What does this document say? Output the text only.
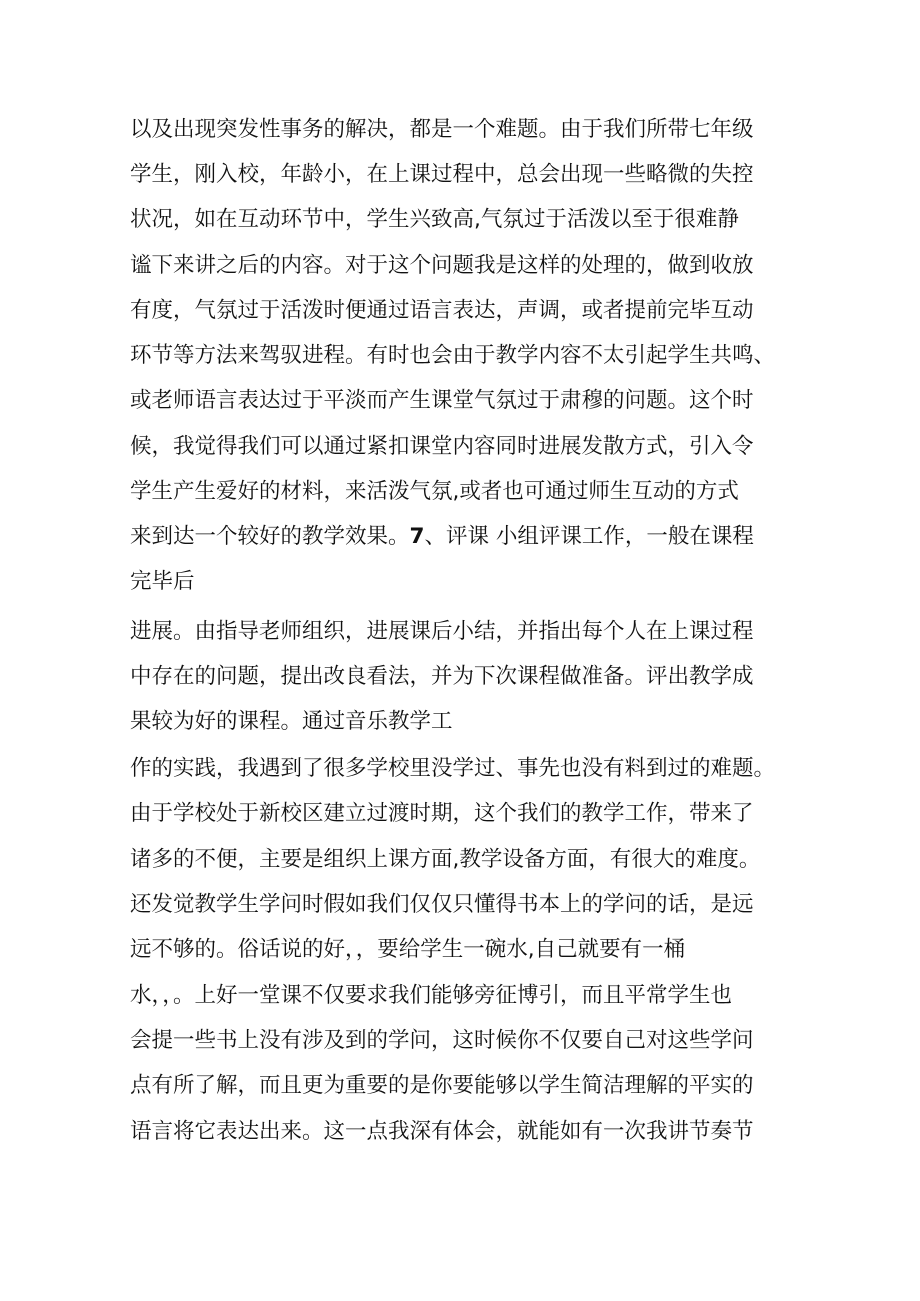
以及出现突发性事务的解决，都是一个难题。由于我们所带七年级
学生，刚入校，年龄小，在上课过程中，总会出现一些略微的失控
状况，如在互动环节中，学生兴致高,气氛过于活泼以至于很难静
谧下来讲之后的内容。对于这个问题我是这样的处理的，做到收放
有度，气氛过于活泼时便通过语言表达，声调，或者提前完毕互动
环节等方法来驾驭进程。有时也会由于教学内容不太引起学生共鸣、
或老师语言表达过于平淡而产生课堂气氛过于肃穆的问题。这个时
候，我觉得我们可以通过紧扣课堂内容同时进展发散方式，引入令
学生产生爱好的材料，来活泼气氛,或者也可通过师生互动的方式
来到达一个较好的教学效果。7、评课 小组评课工作，一般在课程
完毕后
进展。由指导老师组织，进展课后小结，并指出每个人在上课过程
中存在的问题，提出改良看法，并为下次课程做准备。评出教学成
果较为好的课程。通过音乐教学工
作的实践，我遇到了很多学校里没学过、事先也没有料到过的难题。
由于学校处于新校区建立过渡时期，这个我们的教学工作，带来了
诸多的不便，主要是组织上课方面,教学设备方面，有很大的难度。
还发觉教学生学问时假如我们仅仅只懂得书本上的学问的话，是远
远不够的。俗话说的好，，要给学生一碗水,自己就要有一桶
水，，。上好一堂课不仅要求我们能够旁征博引，而且平常学生也
会提一些书上没有涉及到的学问，这时候你不仅要自己对这些学问
点有所了解，而且更为重要的是你要能够以学生简洁理解的平实的
语言将它表达出来。这一点我深有体会，就能如有一次我讲节奏节
